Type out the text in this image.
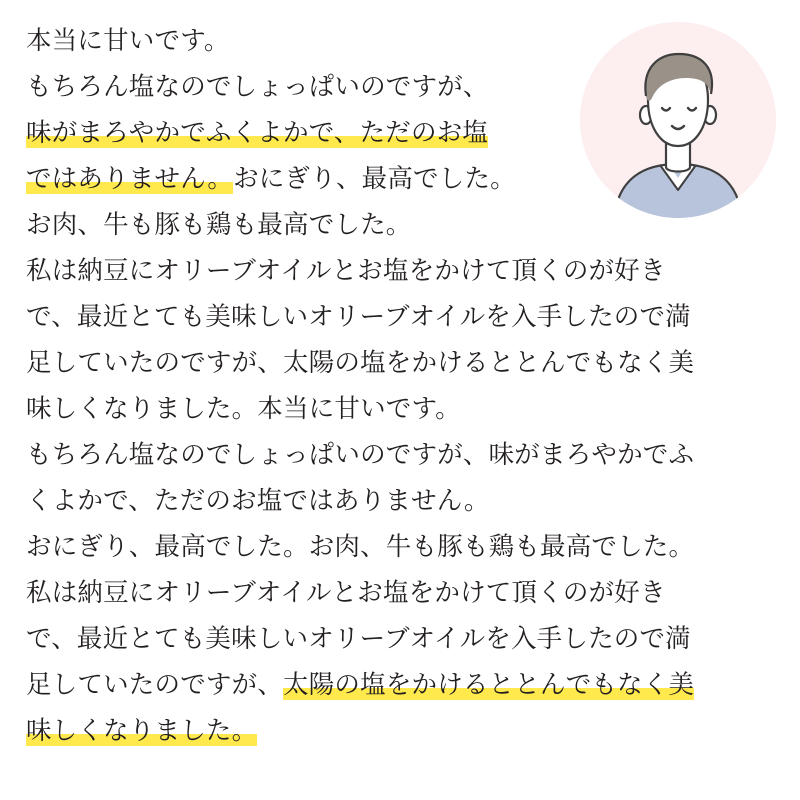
本当に甘いです。
もちろん塩なのでしょっぱいのですが、
味がまろやかでふくよかで、ただのお塩
ではありません。おにぎり、最高でした。
お肉、牛も豚も鶏も最高でした。
私は納豆にオリーブオイルとお塩をかけて頂くのが好き
で、最近とても美味しいオリーブオイルを入手したので満
足していたのですが、太陽の塩をかけるととんでもなく美
味しくなりました。本当に甘いです。
もちろん塩なのでしょっぱいのですが、味がまろやかでふ
くよかで、ただのお塩ではありません。
おにぎり、最高でした。お肉、牛も豚も鶏も最高でした。
私は納豆にオリーブオイルとお塩をかけて頂くのが好き
で、最近とても美味しいオリーブオイルを入手したので満
足していたのですが、太陽の塩をかけるととんでもなく美
味しくなりました。
